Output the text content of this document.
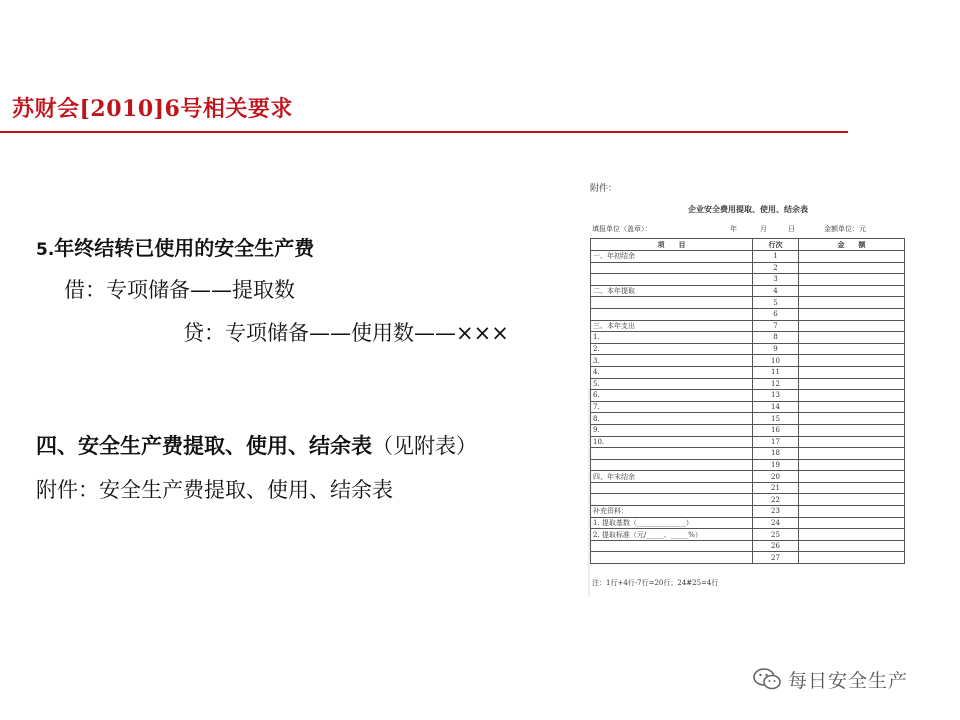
苏财会[2010]6号相关要求
5.年终结转已使用的安全生产费
借：专项储备——提取数
贷：专项储备——使用数——×××
四、安全生产费提取、使用、结余表（见附表）
附件：安全生产费提取、使用、结余表
附件：
企业安全费用提取、使用、结余表
填报单位（盖章）：	年	月	日	金额单位：元
项　　目	行次	金　　额
一、年初结余	1	
	2	
	3	
二、本年提取	4	
	5	
	6	
三、本年支出	7	
1.	8	
2.	9	
3.	10	
4.	11	
5.	12	
6.	13	
7.	14	
8.	15	
9.	16	
10.	17	
	18	
	19	
四、年末结余	20	
	21	
	22	
补充资料：	23	
1. 提取基数（______________）	24	
2. 提取标准（元/_____、_____%）	25	
	26	
	27	
注：1行+4行-7行=20行；24#25=4行
每日安全生产
